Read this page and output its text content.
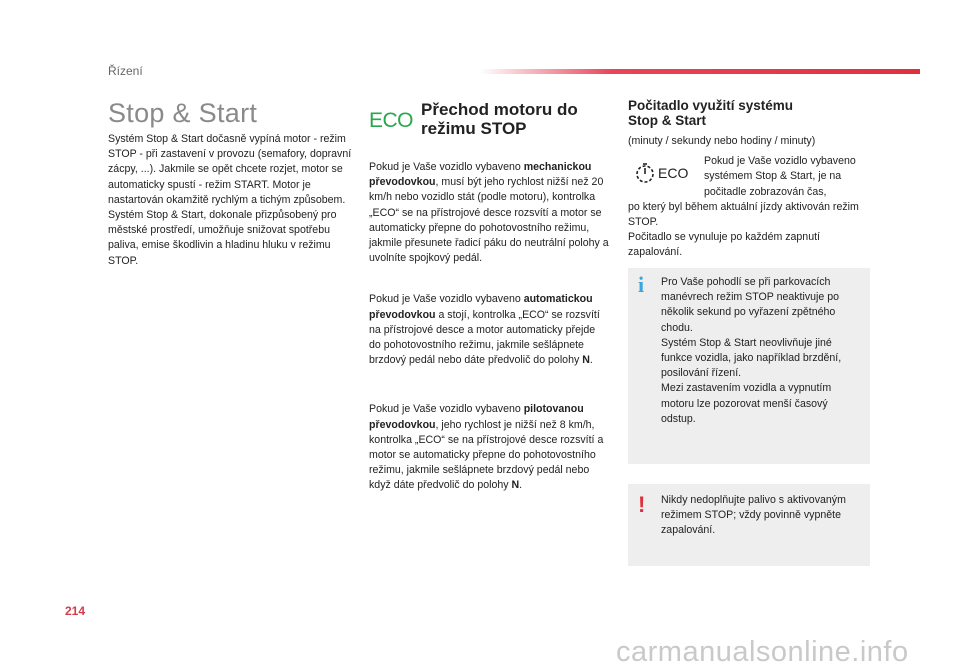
Řízení
Stop & Start

Systém Stop & Start dočasně vypíná motor - režim STOP - při zastavení v provozu (semafory, dopravní zácpy, ...). Jakmile se opět chcete rozjet, motor se automaticky spustí - režim START. Motor je nastartován okamžitě rychlým a tichým způsobem. Systém Stop & Start, dokonale přizpůsobený pro městské prostředí, umožňuje snižovat spotřebu paliva, emise škodlivin a hladinu hluku v režimu STOP.

ECO Přechod motoru do režimu STOP

Pokud je Vaše vozidlo vybaveno mechanickou převodovkou, musí být jeho rychlost nižší než 20 km/h nebo vozidlo stát (podle motoru), kontrolka „ECO“ se na přístrojové desce rozsvítí a motor se automaticky přepne do pohotovostního režimu, jakmile přesunete řadicí páku do neutrální polohy a uvolníte spojkový pedál.

Pokud je Vaše vozidlo vybaveno automatickou převodovkou a stojí, kontrolka „ECO“ se rozsvítí na přístrojové desce a motor automaticky přejde do pohotovostního režimu, jakmile sešlápnete brzdový pedál nebo dáte předvolič do polohy N.

Pokud je Vaše vozidlo vybaveno pilotovanou převodovkou, jeho rychlost je nižší než 8 km/h, kontrolka „ECO“ se na přístrojové desce rozsvítí a motor se automaticky přepne do pohotovostního režimu, jakmile sešlápnete brzdový pedál nebo když dáte předvolič do polohy N.

Počitadlo využití systému Stop & Start

(minuty / sekundy nebo hodiny / minuty)

ECO

Pokud je Vaše vozidlo vybaveno systémem Stop & Start, je na počitadle zobrazován čas,

po který byl během aktuální jízdy aktivován režim STOP.

Počitadlo se vynuluje po každém zapnutí zapalování.

i Pro Vaše pohodlí se při parkovacích manévrech režim STOP neaktivuje po několik sekund po vyřazení zpětného chodu.

Systém Stop & Start neovlivňuje jiné funkce vozidla, jako například brzdění, posilování řízení.

Mezi zastavením vozidla a vypnutím motoru lze pozorovat menší časový odstup.

! Nikdy nedoplňujte palivo s aktivovaným režimem STOP; vždy povinně vypněte zapalování.

214
carmanualsonline.info
